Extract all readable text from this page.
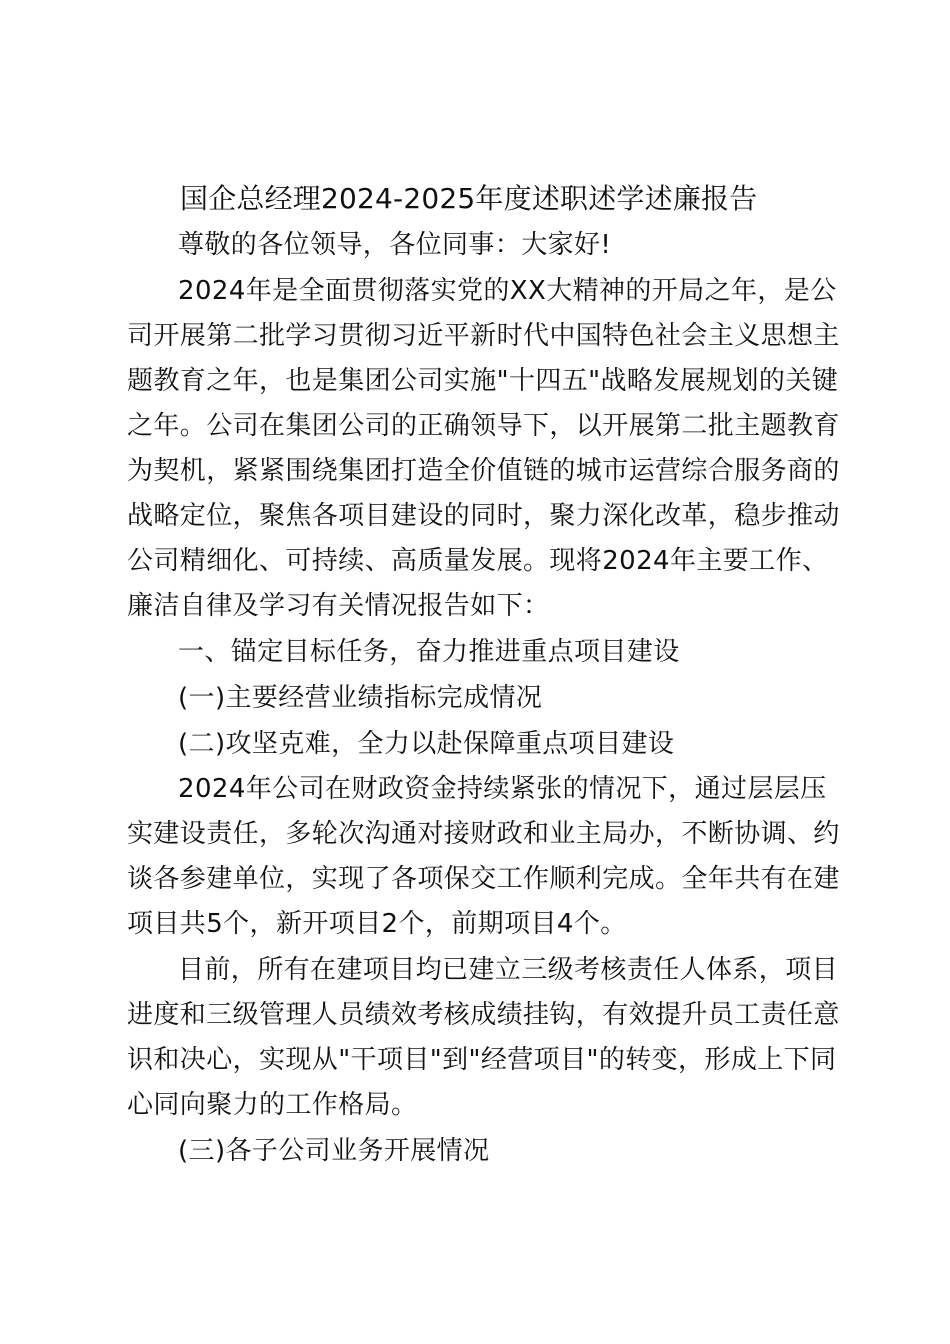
国企总经理2024-2025年度述职述学述廉报告
尊敬的各位领导，各位同事：大家好!
2024年是全面贯彻落实党的XX大精神的开局之年，是公
司开展第二批学习贯彻习近平新时代中国特色社会主义思想主
题教育之年，也是集团公司实施"十四五"战略发展规划的关键
之年。公司在集团公司的正确领导下，以开展第二批主题教育
为契机，紧紧围绕集团打造全价值链的城市运营综合服务商的
战略定位，聚焦各项目建设的同时，聚力深化改革，稳步推动
公司精细化、可持续、高质量发展。现将2024年主要工作、
廉洁自律及学习有关情况报告如下：
一、锚定目标任务，奋力推进重点项目建设
(一)主要经营业绩指标完成情况
(二)攻坚克难，全力以赴保障重点项目建设
2024年公司在财政资金持续紧张的情况下，通过层层压
实建设责任，多轮次沟通对接财政和业主局办，不断协调、约
谈各参建单位，实现了各项保交工作顺利完成。全年共有在建
项目共5个，新开项目2个，前期项目4个。
目前，所有在建项目均已建立三级考核责任人体系，项目
进度和三级管理人员绩效考核成绩挂钩，有效提升员工责任意
识和决心，实现从"干项目"到"经营项目"的转变，形成上下同
心同向聚力的工作格局。
(三)各子公司业务开展情况
